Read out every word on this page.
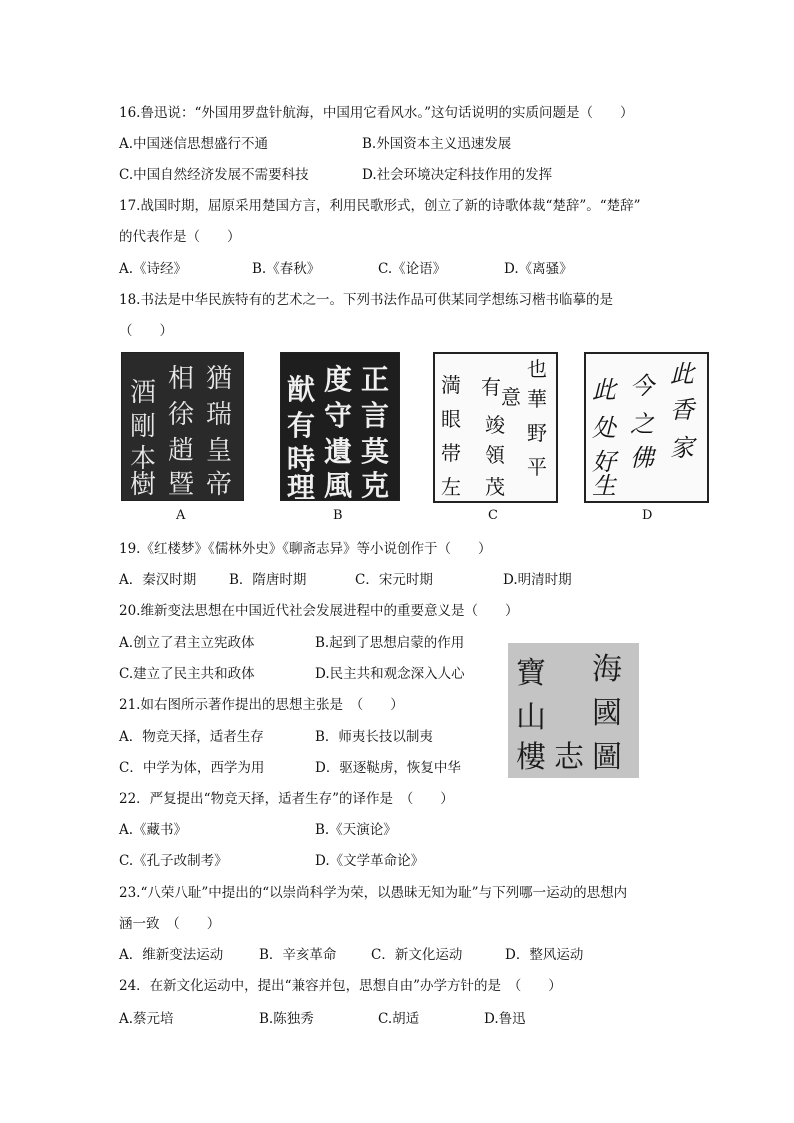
16.鲁迅说：“外国用罗盘针航海，中国用它看风水。”这句话说明的实质问题是（　　）
A.中国迷信思想盛行不通	B.外国资本主义迅速发展
C.中国自然经济发展不需要科技	D.社会环境决定科技作用的发挥
17.战国时期，屈原采用楚国方言，利用民歌形式，创立了新的诗歌体裁“楚辞”。“楚辞”
的代表作是（　　）
A.《诗经》	B.《春秋》	C.《论语》	D.《离骚》
18.书法是中华民族特有的艺术之一。下列书法作品可供某同学想练习楷书临摹的是
（　　）
猶
瑞
皇
帝
相
徐
趙
暨
酒
剛
本
樹
正
言
莫
克
度
守
遺
風
猷
有
時
理
也
華
野
平
有 意
竣
領
茂
満
眼
帯
左
此
香
家
今
之
佛
此
处
好
生
A	B	C	D
19.《红楼梦》《儒林外史》《聊斋志异》等小说创作于（　　）
A．秦汉时期 B．隋唐时期	C．宋元时期	D.明清时期
20.维新变法思想在中国近代社会发展进程中的重要意义是（　　）
A.创立了君主立宪政体	B.起到了思想启蒙的作用
C.建立了民主共和政体	D.民主共和观念深入人心	海
國
圖
志
寶
山
樓
21.如右图所示著作提出的思想主张是　（　　）
A．物竞天择，适者生存	B．师夷长技以制夷
C．中学为体，西学为用	D．驱逐鞑虏，恢复中华
22．严复提出“物竞天择，适者生存”的译作是　（　　）
A.《藏书》	B.《天演论》
C.《孔子改制考》	D.《文学革命论》
23.“八荣八耻”中提出的“以崇尚科学为荣，以愚昧无知为耻”与下列哪一运动的思想内
涵一致　（　　）
A．维新变法运动	B．辛亥革命	C．新文化运动	D．整风运动
24．在新文化运动中，提出“兼容并包，思想自由”办学方针的是　（　　）
A.蔡元培	B.陈独秀	C.胡适	D.鲁迅
